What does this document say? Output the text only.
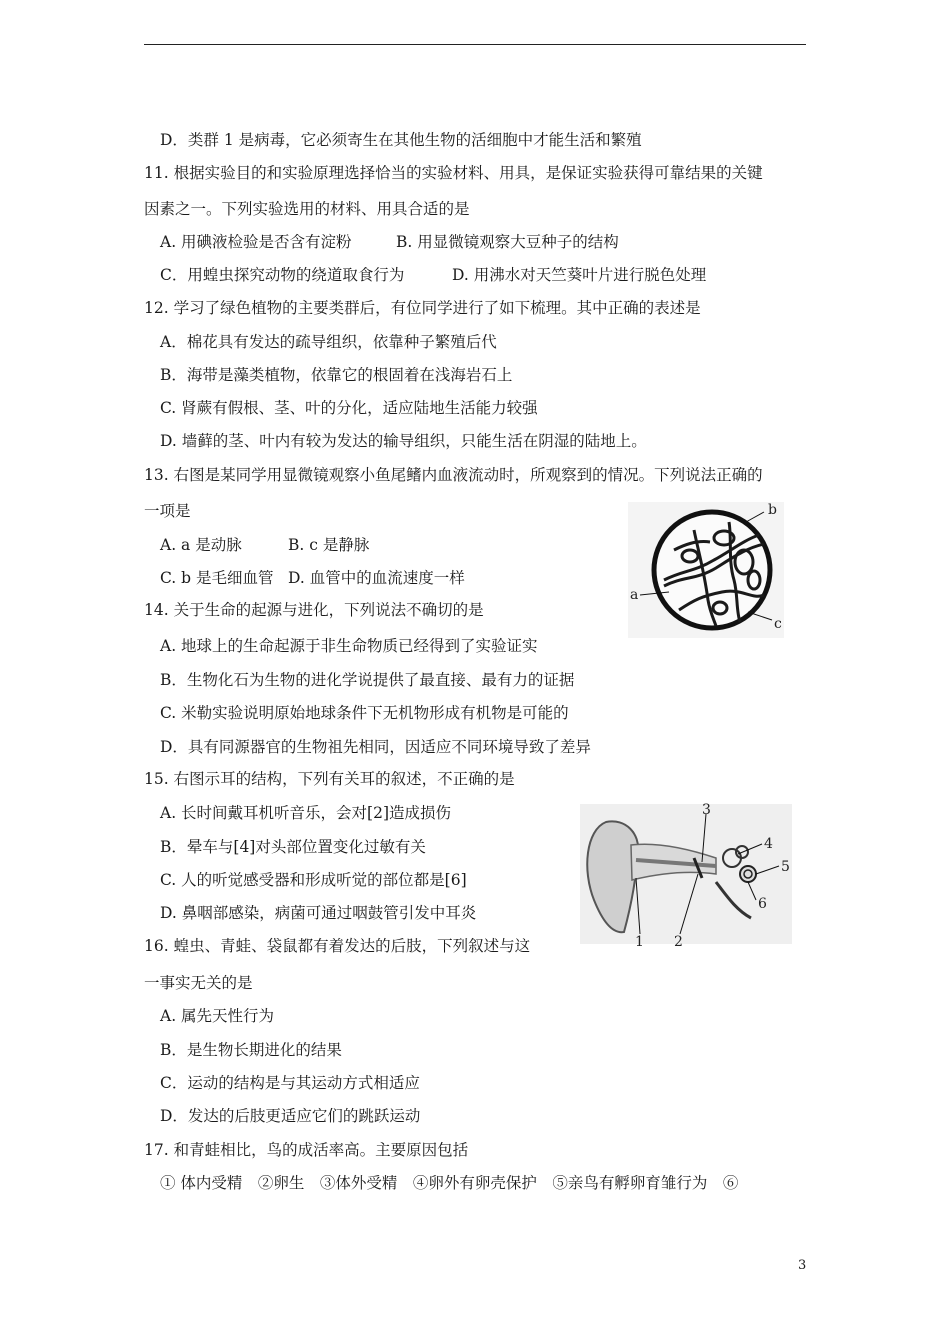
D．类群 1 是病毒，它必须寄生在其他生物的活细胞中才能生活和繁殖
11. 根据实验目的和实验原理选择恰当的实验材料、用具，是保证实验获得可靠结果的关键
因素之一。下列实验选用的材料、用具合适的是
A. 用碘液检验是否含有淀粉	B. 用显微镜观察大豆种子的结构
C．用蝗虫探究动物的绕道取食行为	D. 用沸水对天竺葵叶片进行脱色处理
12. 学习了绿色植物的主要类群后，有位同学进行了如下梳理。其中正确的表述是
A．棉花具有发达的疏导组织，依靠种子繁殖后代
B．海带是藻类植物，依靠它的根固着在浅海岩石上
C. 肾蕨有假根、茎、叶的分化，适应陆地生活能力较强
D. 墙藓的茎、叶内有较为发达的输导组织，只能生活在阴湿的陆地上。
13. 右图是某同学用显微镜观察小鱼尾鳍内血液流动时，所观察到的情况。下列说法正确的
一项是
A. a 是动脉	B. c 是静脉
C. b 是毛细血管 D. 血管中的血流速度一样
14. 关于生命的起源与进化，下列说法不确切的是
A. 地球上的生命起源于非生命物质已经得到了实验证实
B．生物化石为生物的进化学说提供了最直接、最有力的证据
C. 米勒实验说明原始地球条件下无机物形成有机物是可能的
D．具有同源器官的生物祖先相同，因适应不同环境导致了差异
15. 右图示耳的结构，下列有关耳的叙述，不正确的是
A. 长时间戴耳机听音乐，会对[2]造成损伤
B．晕车与[4]对头部位置变化过敏有关
C. 人的听觉感受器和形成听觉的部位都是[6]
D. 鼻咽部感染，病菌可通过咽鼓管引发中耳炎
16. 蝗虫、青蛙、袋鼠都有着发达的后肢，下列叙述与这
一事实无关的是
A. 属先天性行为
B．是生物长期进化的结果
C．运动的结构是与其运动方式相适应
D．发达的后肢更适应它们的跳跃运动
17. 和青蛙相比，鸟的成活率高。主要原因包括
① 体内受精　②卵生　③体外受精　④卵外有卵壳保护　⑤亲鸟有孵卵育雏行为　⑥
a
b
c
3
4
5
6
1 2
3
